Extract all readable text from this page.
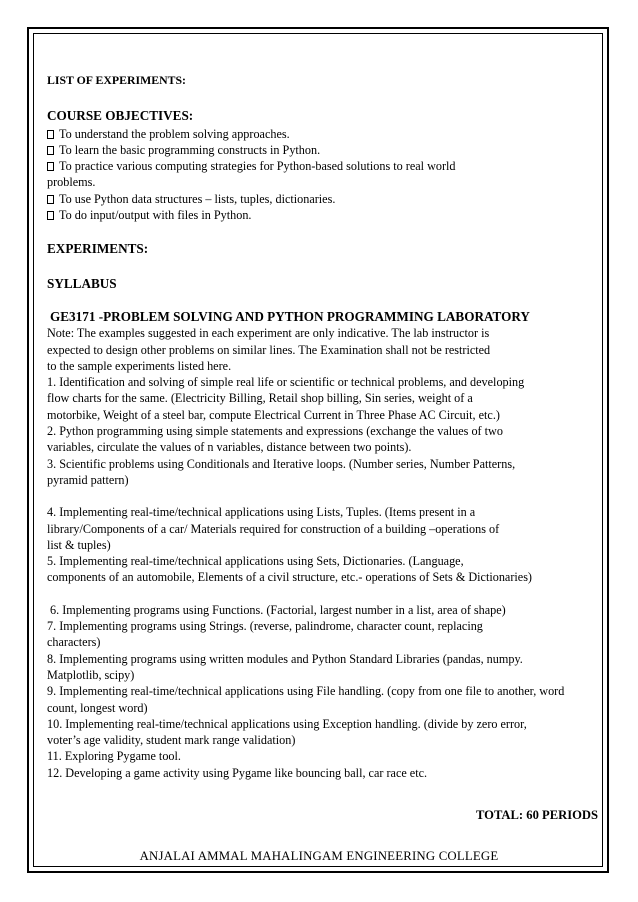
LIST OF EXPERIMENTS:
COURSE OBJECTIVES:
To understand the problem solving approaches.
To learn the basic programming constructs in Python.
To practice various computing strategies for Python-based solutions to real world
problems.
To use Python data structures – lists, tuples, dictionaries.
To do input/output with files in Python.
EXPERIMENTS:
SYLLABUS
GE3171 -PROBLEM SOLVING AND PYTHON PROGRAMMING LABORATORY
Note: The examples suggested in each experiment are only indicative. The lab instructor is
expected to design other problems on similar lines. The Examination shall not be restricted
to the sample experiments listed here.
1. Identification and solving of simple real life or scientific or technical problems, and developing
flow charts for the same. (Electricity Billing, Retail shop billing, Sin series, weight of a
motorbike, Weight of a steel bar, compute Electrical Current in Three Phase AC Circuit, etc.)
2. Python programming using simple statements and expressions (exchange the values of two
variables, circulate the values of n variables, distance between two points).
3. Scientific problems using Conditionals and Iterative loops. (Number series, Number Patterns,
pyramid pattern)
4. Implementing real-time/technical applications using Lists, Tuples. (Items present in a
library/Components of a car/ Materials required for construction of a building –operations of
list & tuples)
5. Implementing real-time/technical applications using Sets, Dictionaries. (Language,
components of an automobile, Elements of a civil structure, etc.- operations of Sets & Dictionaries)
6. Implementing programs using Functions. (Factorial, largest number in a list, area of shape)
7. Implementing programs using Strings. (reverse, palindrome, character count, replacing
characters)
8. Implementing programs using written modules and Python Standard Libraries (pandas, numpy.
Matplotlib, scipy)
9. Implementing real-time/technical applications using File handling. (copy from one file to another, word
count, longest word)
10. Implementing real-time/technical applications using Exception handling. (divide by zero error,
voter’s age validity, student mark range validation)
11. Exploring Pygame tool.
12. Developing a game activity using Pygame like bouncing ball, car race etc.
TOTAL: 60 PERIODS
ANJALAI AMMAL MAHALINGAM ENGINEERING COLLEGE
